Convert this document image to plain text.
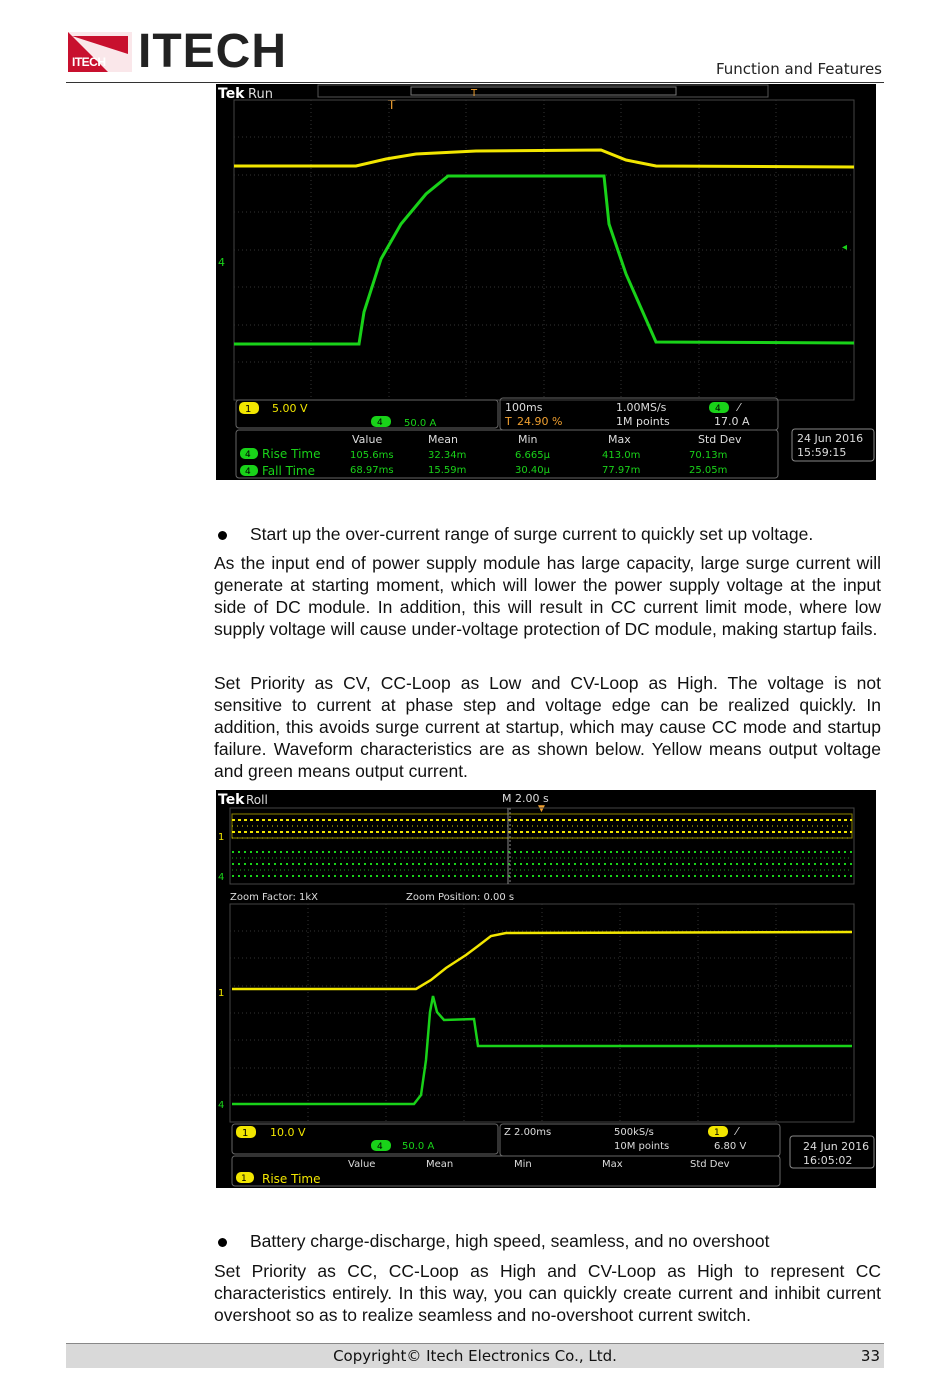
ITECH ITECH	Function and Features
Tek Run
T
T
4
◂
1 5.00 V
4 50.0 A
100ms
T 24.90 %
1.00MS/s
1M points
4 ⁄
17.0 A
Value	Mean	Min	Max	Std Dev
4 Rise Time	105.6ms	32.34m	6.665µ	413.0m	70.13m
4 Fall Time	68.97ms	15.59m	30.40µ	77.97m	25.05m
24 Jun 2016
15:59:15
Start up the over-current range of surge current to quickly set up voltage.
As the input end of power supply module has large capacity, large surge current will generate at starting moment, which will lower the power supply voltage at the input side of DC module. In addition, this will result in CC current limit mode, where low supply voltage will cause under-voltage protection of DC module, making startup fails.
Set Priority as CV, CC-Loop as Low and CV-Loop as High. The voltage is not sensitive to current at phase step and voltage edge can be realized quickly. In addition, this avoids surge current at startup, which may cause CC mode and startup failure. Waveform characteristics are as shown below. Yellow means output voltage and green means output current.
Tek Roll	M 2.00 s
▼
1
4
Zoom Factor: 1kX	Zoom Position: 0.00 s
1
4
1 10.0 V
4 50.0 A
Z 2.00ms	500kS/s
10M points
1 ⁄
6.80 V
Value	Mean	Min	Max	Std Dev
1 Rise Time
24 Jun 2016
16:05:02
Battery charge-discharge, high speed, seamless, and no overshoot
Set Priority as CC, CC-Loop as High and CV-Loop as High to represent CC characteristics entirely. In this way, you can quickly create current and inhibit current overshoot so as to realize seamless and no-overshoot current switch.
Copyright© Itech Electronics Co., Ltd.	33
